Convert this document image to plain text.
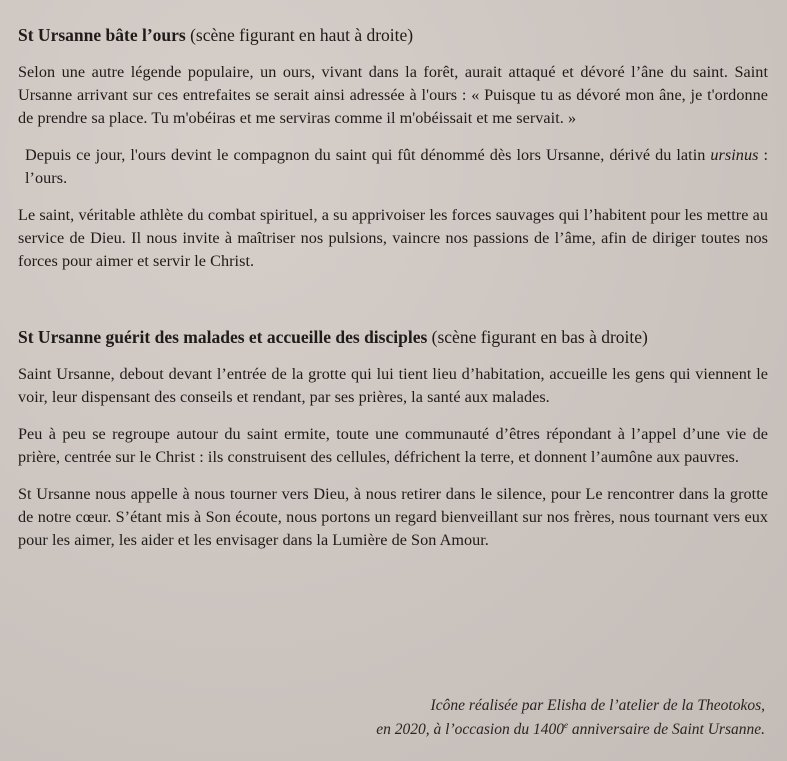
St Ursanne bâte l’ours (scène figurant en haut à droite)

Selon une autre légende populaire, un ours, vivant dans la forêt, aurait attaqué et dévoré l’âne du saint. Saint Ursanne arrivant sur ces entrefaites se serait ainsi adressée à l'ours : « Puisque tu as dévoré mon âne, je t'ordonne de prendre sa place. Tu m'obéiras et me serviras comme il m'obéissait et me servait. »

Depuis ce jour, l'ours devint le compagnon du saint qui fût dénommé dès lors Ursanne, dérivé du latin ursinus : l’ours.

Le saint, véritable athlète du combat spirituel, a su apprivoiser les forces sauvages qui l’habitent pour les mettre au service de Dieu. Il nous invite à maîtriser nos pulsions, vaincre nos passions de l’âme, afin de diriger toutes nos forces pour aimer et servir le Christ.

St Ursanne guérit des malades et accueille des disciples (scène figurant en bas à droite)

Saint Ursanne, debout devant l’entrée de la grotte qui lui tient lieu d’habitation, accueille les gens qui viennent le voir, leur dispensant des conseils et rendant, par ses prières, la santé aux malades.

Peu à peu se regroupe autour du saint ermite, toute une communauté d’êtres répondant à l’appel d’une vie de prière, centrée sur le Christ : ils construisent des cellules, défrichent la terre, et donnent l’aumône aux pauvres.

St Ursanne nous appelle à nous tourner vers Dieu, à nous retirer dans le silence, pour Le rencontrer dans la grotte de notre cœur. S’étant mis à Son écoute, nous portons un regard bienveillant sur nos frères, nous tournant vers eux pour les aimer, les aider et les envisager dans la Lumière de Son Amour.

Icône réalisée par Elisha de l’atelier de la Theotokos,
en 2020, à l’occasion du 1400e anniversaire de Saint Ursanne.
